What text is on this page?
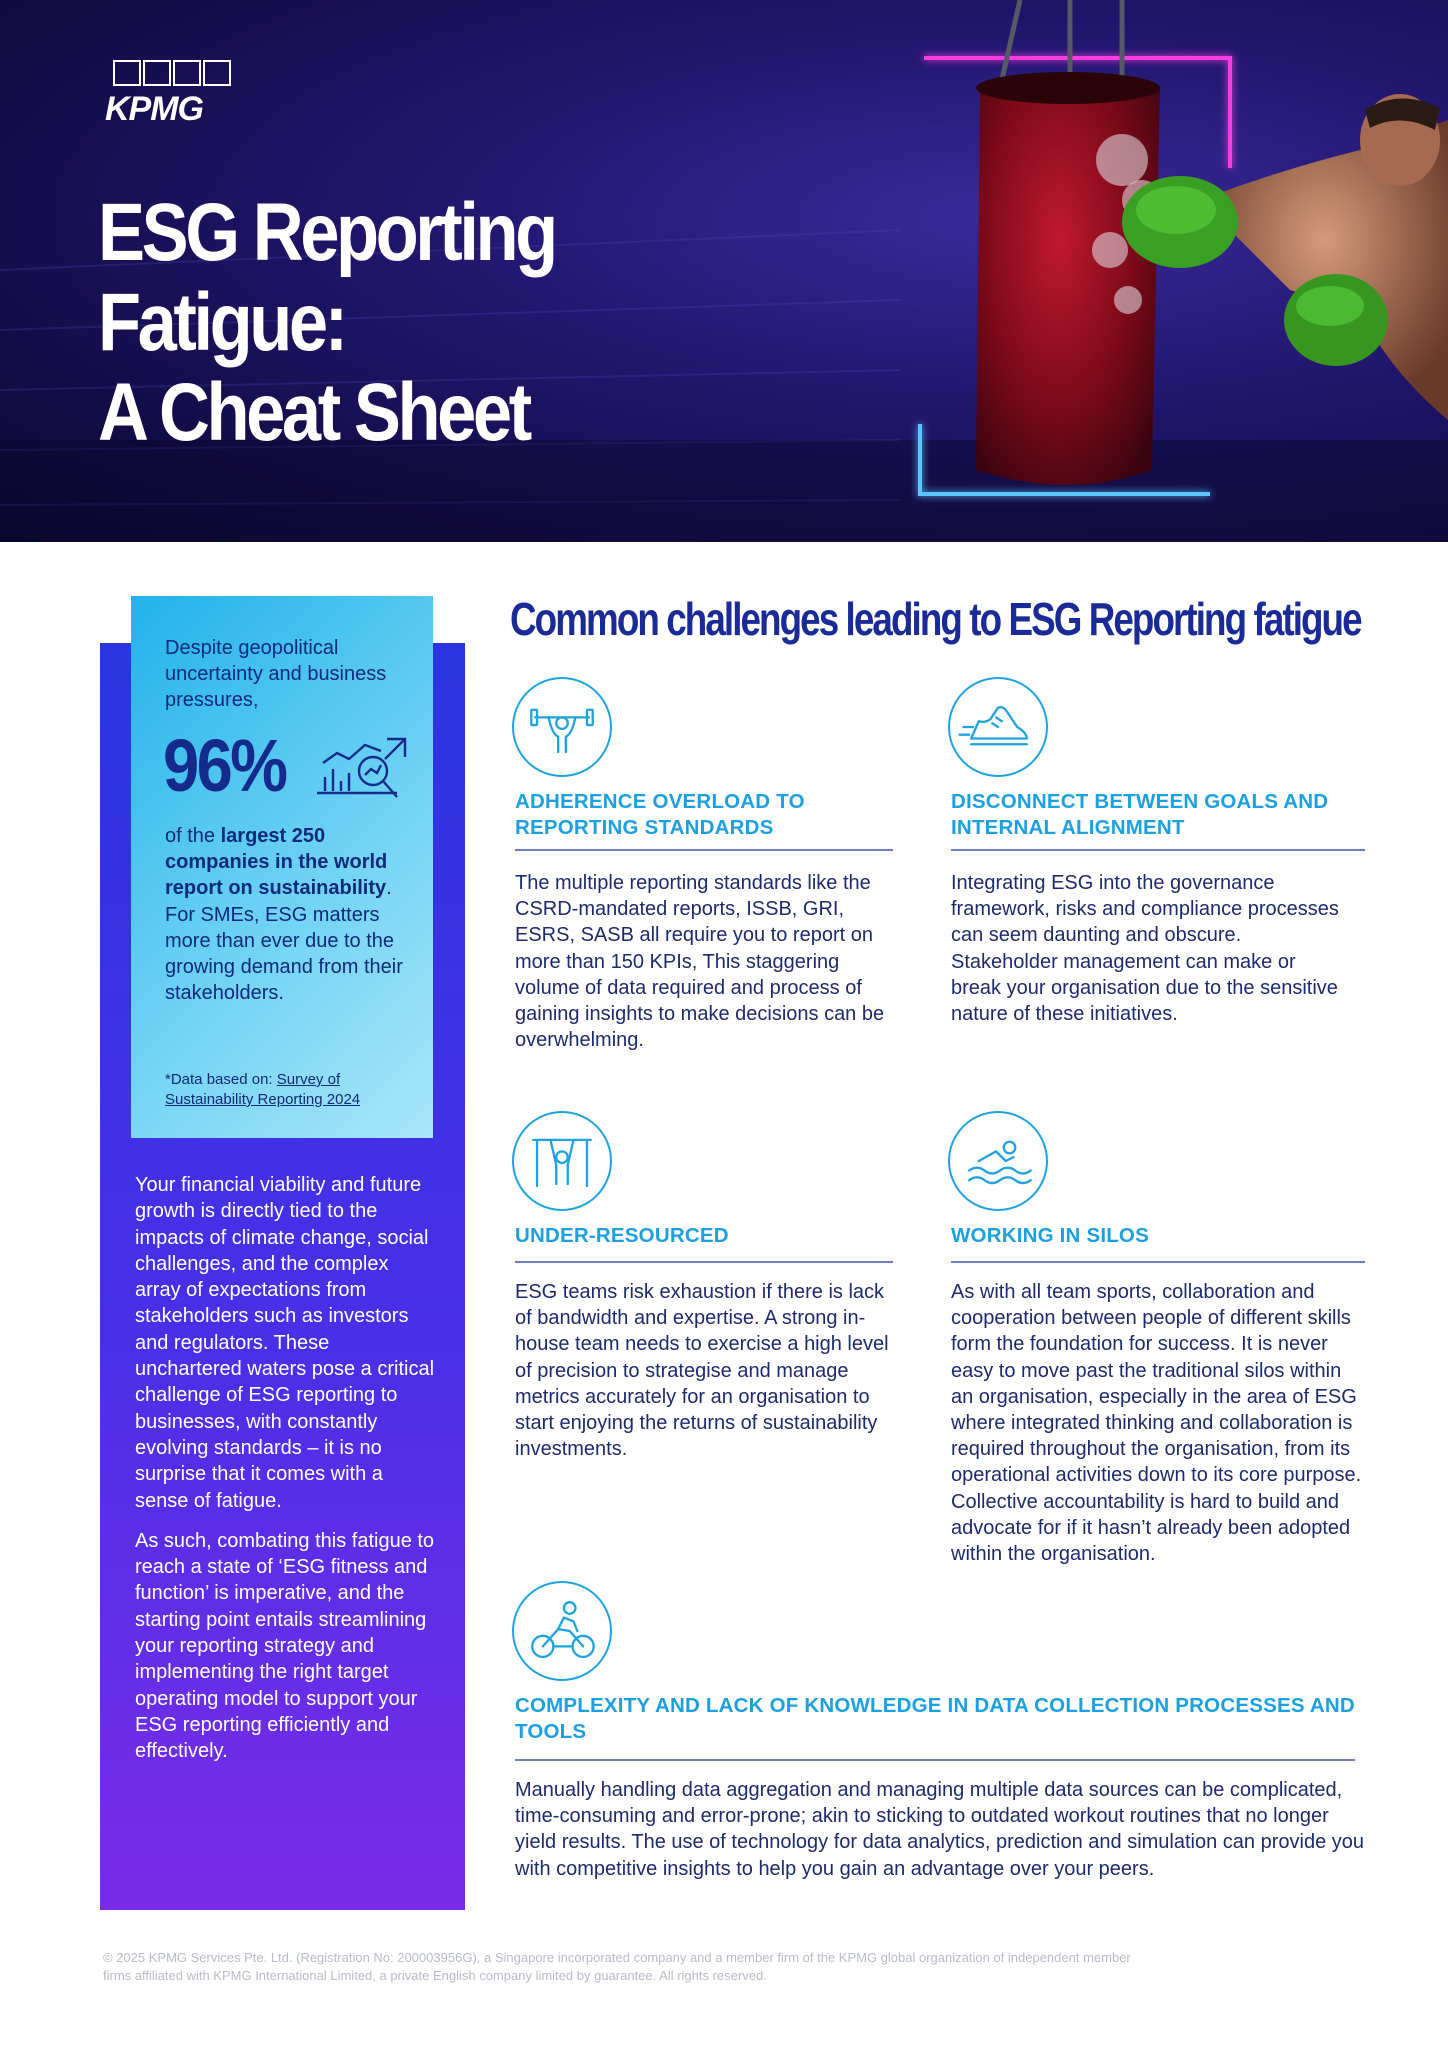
KPMG
ESG Reporting Fatigue:
A Cheat Sheet
Despite geopolitical uncertainty and business pressures,
96%
of the largest 250 companies in the world report on sustainability. For SMEs, ESG matters more than ever due to the growing demand from their stakeholders.
*Data based on: Survey of
Sustainability Reporting 2024

Your financial viability and future growth is directly tied to the impacts of climate change, social challenges, and the complex array of expectations from stakeholders such as investors and regulators. These unchartered waters pose a critical challenge of ESG reporting to businesses, with constantly evolving standards – it is no surprise that it comes with a sense of fatigue.

As such, combating this fatigue to reach a state of ‘ESG fitness and function’ is imperative, and the starting point entails streamlining your reporting strategy and implementing the right target operating model to support your ESG reporting efficiently and effectively.

Common challenges leading to ESG Reporting fatigue
ADHERENCE OVERLOAD TO REPORTING STANDARDS
The multiple reporting standards like the CSRD-mandated reports, ISSB, GRI, ESRS, SASB all require you to report on more than 150 KPIs, This staggering volume of data required and process of gaining insights to make decisions can be overwhelming.
DISCONNECT BETWEEN GOALS AND INTERNAL ALIGNMENT
Integrating ESG into the governance framework, risks and compliance processes can seem daunting and obscure. Stakeholder management can make or break your organisation due to the sensitive nature of these initiatives.
UNDER-RESOURCED
ESG teams risk exhaustion if there is lack of bandwidth and expertise. A strong in-house team needs to exercise a high level of precision to strategise and manage metrics accurately for an organisation to start enjoying the returns of sustainability investments.
WORKING IN SILOS
As with all team sports, collaboration and cooperation between people of different skills form the foundation for success. It is never easy to move past the traditional silos within an organisation, especially in the area of ESG where integrated thinking and collaboration is required throughout the organisation, from its operational activities down to its core purpose. Collective accountability is hard to build and advocate for if it hasn’t already been adopted within the organisation.
COMPLEXITY AND LACK OF KNOWLEDGE IN DATA COLLECTION PROCESSES AND TOOLS
Manually handling data aggregation and managing multiple data sources can be complicated, time-consuming and error-prone; akin to sticking to outdated workout routines that no longer yield results. The use of technology for data analytics, prediction and simulation can provide you with competitive insights to help you gain an advantage over your peers.
© 2025 KPMG Services Pte. Ltd. (Registration No: 200003956G), a Singapore incorporated company and a member firm of the KPMG global organization of independent member firms affiliated with KPMG International Limited, a private English company limited by guarantee. All rights reserved.
